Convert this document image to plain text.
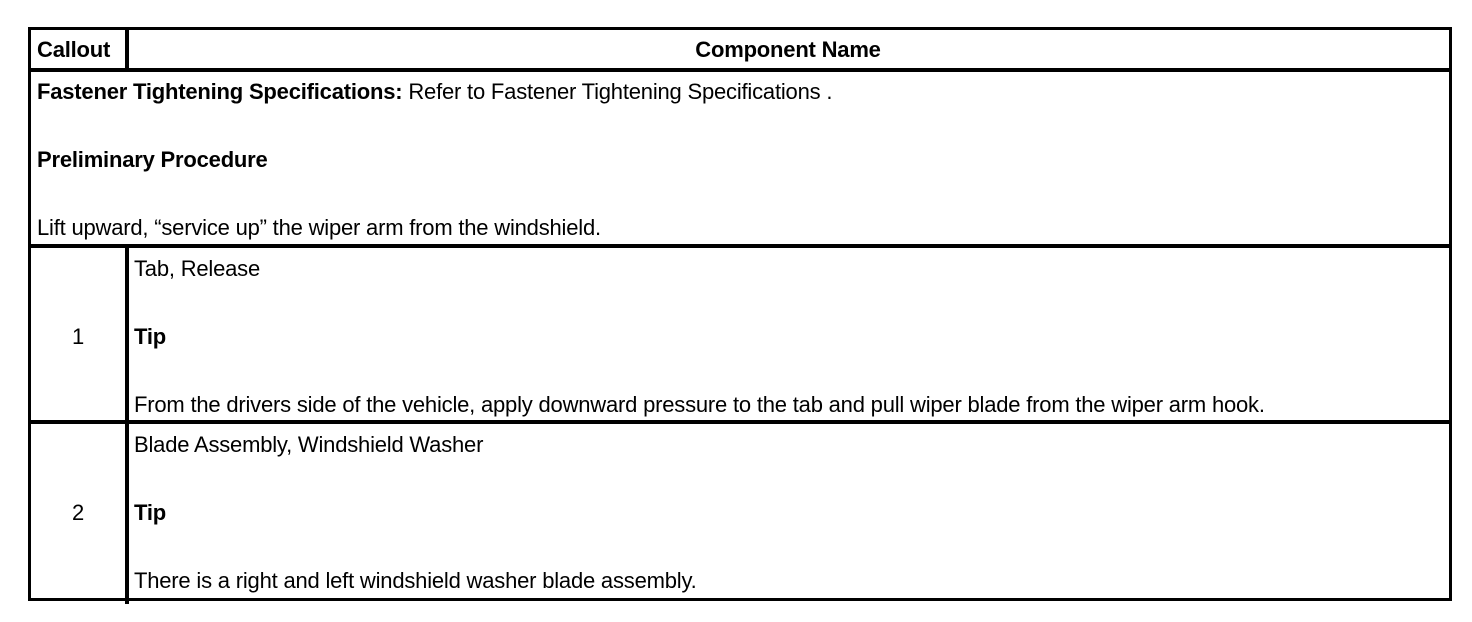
Callout	Component Name
Fastener Tightening Specifications: Refer to Fastener Tightening Specifications .
Preliminary Procedure
Lift upward, “service up” the wiper arm from the windshield.
1
Tab, Release
Tip
From the drivers side of the vehicle, apply downward pressure to the tab and pull wiper blade from the wiper arm hook.
2
Blade Assembly, Windshield Washer
Tip
There is a right and left windshield washer blade assembly.
